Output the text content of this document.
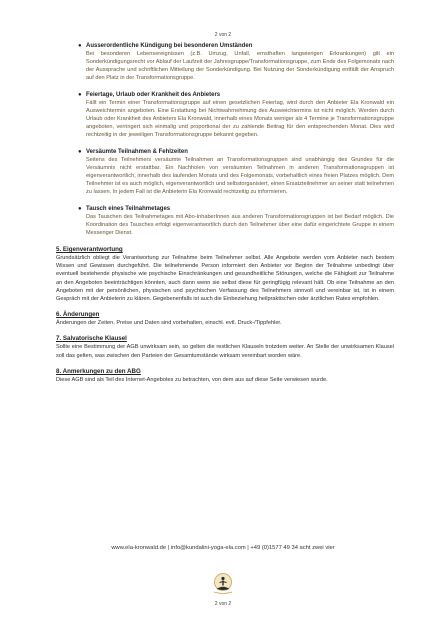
2 von 2
● Ausserordentliche Kündigung bei besonderen Umständen
Bei besonderen Lebensereignissen (z.B. Umzug, Unfall, ernsthaften langwierigen Erkrankungen) gilt ein Sonderkündigungsrecht vor Ablauf der Laufzeit der Jahresgruppe/Transformationsgruppe, zum Ende des Folgemonats nach der Aussprache und schriftlichen Mitteilung der Sonderkündigung. Bei Nutzung der Sonderkündigung entfällt der Anspruch auf den Platz in der Transformationsgruppe.
● Feiertage, Urlaub oder Krankheit des Anbieters
Fällt ein Termin einer Transformationsgruppe auf einen gesetzlichen Feiertag, wird durch den Anbieter Ela Kronwald ein Ausweichtermin angeboten. Eine Erstattung bei Nichtwahrnehmung des Ausweichtermins ist nicht möglich. Werden durch Urlaub oder Krankheit des Anbieters Ela Kronwald, innerhalb eines Monats weniger als 4 Termine je Transformationsgruppe angeboten, verringert sich einmalig und proportional der zu zahlende Beitrag für den entsprechenden Monat. Dies wird rechtzeitig in der jeweiligen Transformationsgruppe bekannt gegeben.
● Versäumte Teilnahmen & Fehlzeiten
Seitens des Teilnehmers versäumte Teilnahmen an Transformationsgruppen sind unabhängig des Grundes für die Versäumnis nicht erstattbar. Ein Nachholen von versäumten Teilnahmen in anderen Transformationsgruppen ist eigenverantwortlich, innerhalb des laufenden Monats und des Folgemonats, vorbehaltlich eines freien Platzes möglich. Dem Teilnehmer ist es auch möglich, eigenverantwortlich und selbstorganisiert, einen Ersatzteilnehmer an seiner statt teilnehmen zu lassen. In jedem Fall ist die Anbieterin Ela Kronwald rechtzeitig zu informieren.
● Tausch eines Teilnahmetages
Das Tauschen des Teilnahmetages mit Abo-InhaberInnen aus anderen Transformationsgruppen ist bei Bedarf möglich. Die Koordination des Tausches erfolgt eigenverantwortlich durch den Teilnehmer über eine dafür eingerichtete Gruppe in einem Messenger Dienst.
5. Eigenverantwortung
Grundsätzlich obliegt die Verantwortung zur Teilnahme beim Teilnehmer selbst. Alle Angebote werden vom Anbieter nach bestem Wissen und Gewissen durchgeführt. Die teilnehmende Person informiert den Anbieter vor Beginn der Teilnahme unbedingt über eventuell bestehende physische wie psychische Einschränkungen und gesundheitliche Störungen, welche die Fähigkeit zur Teilnahme an den Angeboten beeinträchtigen könnten, auch dann wenn sie selbst diese für geringfügig relevant hält. Ob eine Teilnahme an den Angeboten mit der persönlichen, physischen und psychischen Verfassung des Teilnehmers sinnvoll und vereinbar ist, ist in einem Gespräch mit der Anbieterin zu klären. Gegebenenfalls ist auch die Einbeziehung heilpraktischen oder ärztlichen Rates empfohlen.
6. Änderungen
Änderungen der Zeiten, Preise und Daten sind vorbehalten, einschl. evtl. Druck-/Tippfehler.
7. Salvatorische Klausel
Sollte eine Bestimmung der AGB unwirksam sein, so gelten die restlichen Klauseln trotzdem weiter. An Stelle der unwirksamen Klausel soll das gelten, was zwischen den Parteien der Gesamtumstände wirksam vereinbart worden wäre.
8. Anmerkungen zu den ABG
Diese AGB sind als Teil des Internet-Angebotes zu betrachten, von dem aus auf diese Seite verwiesen wurde.
www.ela-kronwald.de | info@kundalini-yoga-ela.com | +49 (0)1577 49 34 acht zwei vier
2 von 2
